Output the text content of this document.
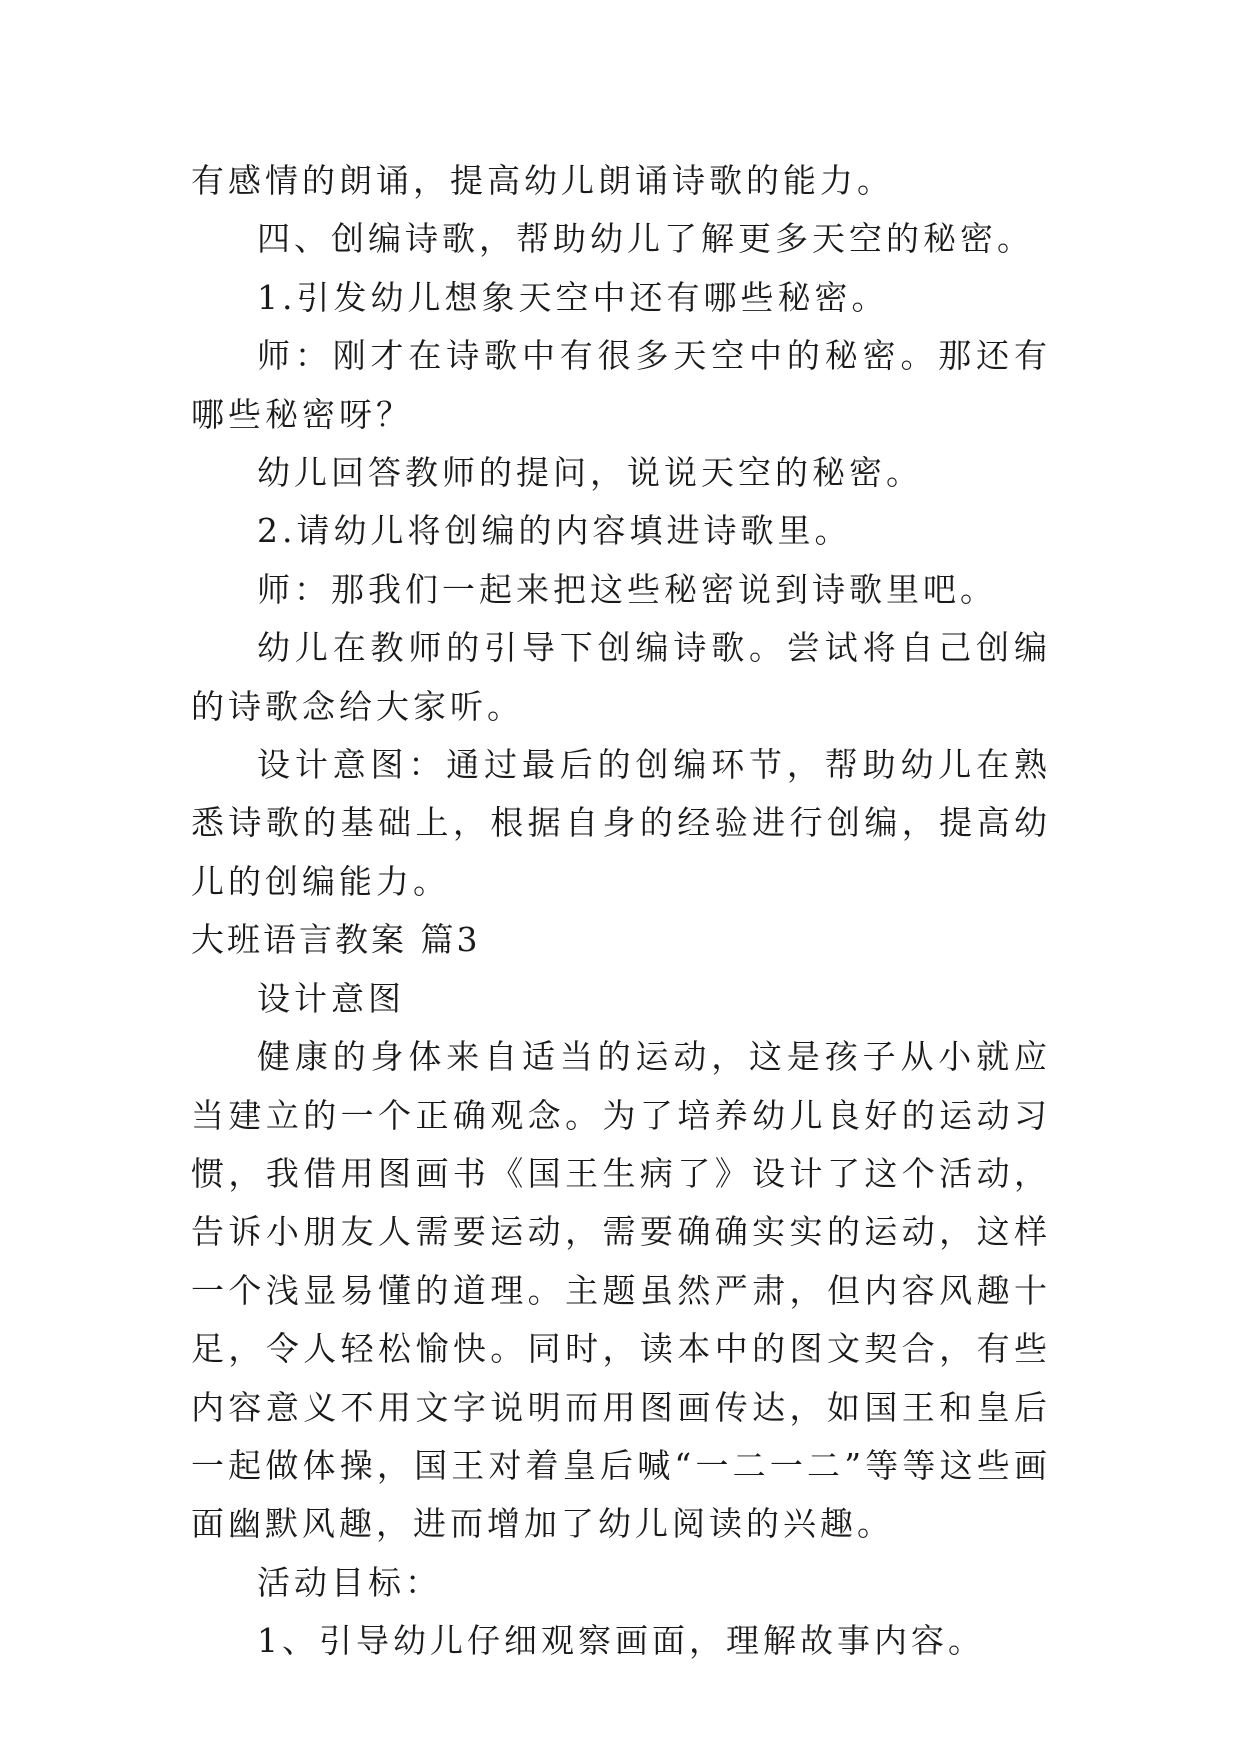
有感情的朗诵，提高幼儿朗诵诗歌的能力。

四、创编诗歌，帮助幼儿了解更多天空的秘密。

1.引发幼儿想象天空中还有哪些秘密。

师：刚才在诗歌中有很多天空中的秘密。那还有哪些秘密呀？

幼儿回答教师的提问，说说天空的秘密。

2.请幼儿将创编的内容填进诗歌里。

师：那我们一起来把这些秘密说到诗歌里吧。

幼儿在教师的引导下创编诗歌。尝试将自己创编的诗歌念给大家听。

设计意图：通过最后的创编环节，帮助幼儿在熟悉诗歌的基础上，根据自身的经验进行创编，提高幼儿的创编能力。

大班语言教案 篇3

设计意图

健康的身体来自适当的运动，这是孩子从小就应当建立的一个正确观念。为了培养幼儿良好的运动习惯，我借用图画书《国王生病了》设计了这个活动，告诉小朋友人需要运动，需要确确实实的运动，这样一个浅显易懂的道理。主题虽然严肃，但内容风趣十足，令人轻松愉快。同时，读本中的图文契合，有些内容意义不用文字说明而用图画传达，如国王和皇后一起做体操，国王对着皇后喊“一二一二”等等这些画面幽默风趣，进而增加了幼儿阅读的兴趣。

活动目标：

1、引导幼儿仔细观察画面，理解故事内容。
